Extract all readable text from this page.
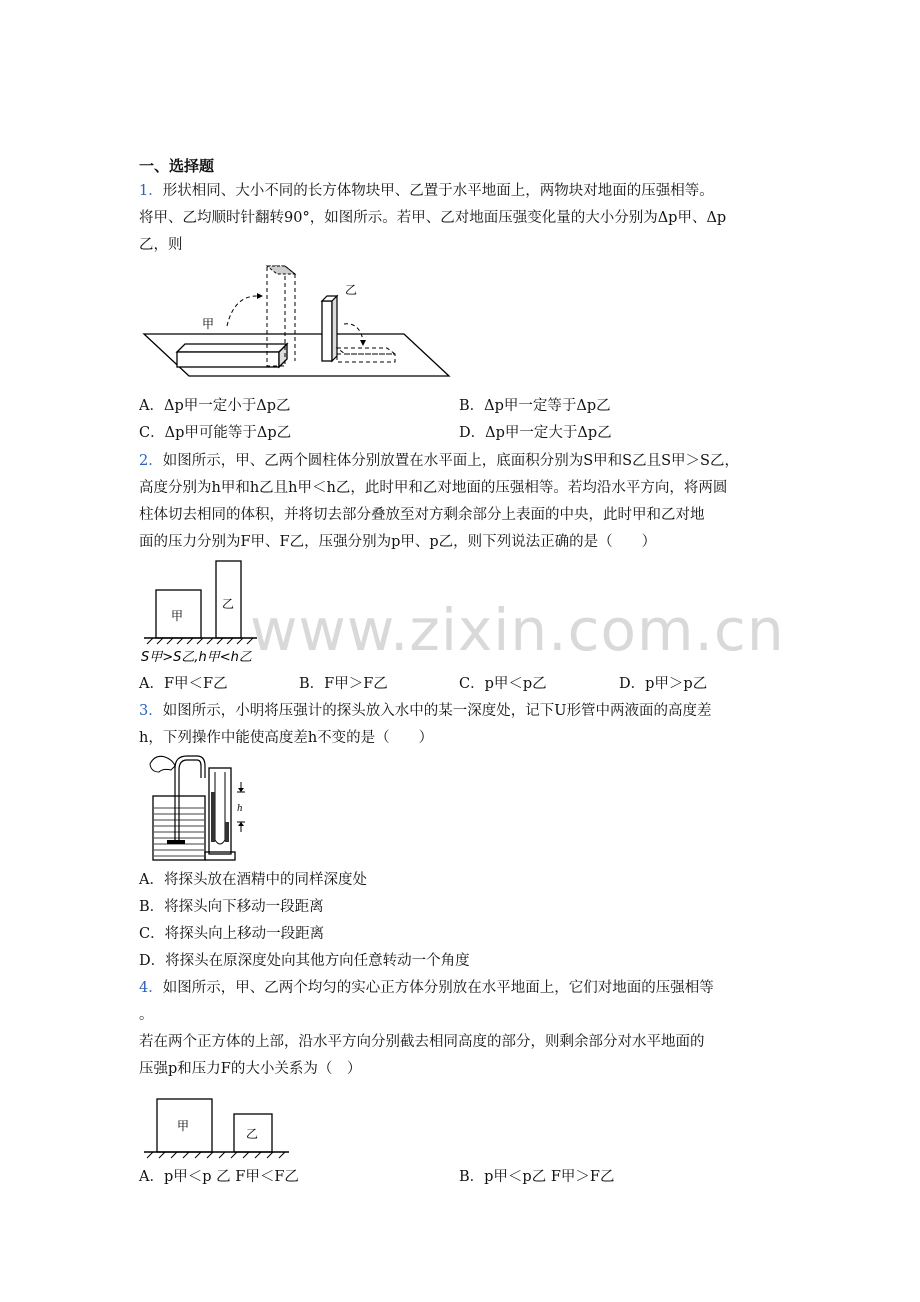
一、选择题
1．形状相同、大小不同的长方体物块甲、乙置于水平地面上，两物块对地面的压强相等。
将甲、乙均顺时针翻转90°，如图所示。若甲、乙对地面压强变化量的大小分别为Δp甲、Δp
乙，则
甲
乙
A．Δp甲一定小于Δp乙	B．Δp甲一定等于Δp乙
C．Δp甲可能等于Δp乙	D．Δp甲一定大于Δp乙
2．如图所示，甲、乙两个圆柱体分别放置在水平面上，底面积分别为S甲和S乙且S甲＞S乙，
高度分别为h甲和h乙且h甲＜h乙，此时甲和乙对地面的压强相等。若均沿水平方向，将两圆
柱体切去相同的体积，并将切去部分叠放至对方剩余部分上表面的中央，此时甲和乙对地
面的压力分别为F甲、F乙，压强分别为p甲、p乙，则下列说法正确的是（　　）
www.zixin.com.cn
甲
乙
S甲>S乙,h甲<h乙
A．F甲＜F乙	B．F甲＞F乙	C．p甲＜p乙	D．p甲＞p乙
3．如图所示，小明将压强计的探头放入水中的某一深度处，记下U形管中两液面的高度差
h，下列操作中能使高度差h不变的是（　　）
h
A．将探头放在酒精中的同样深度处
B．将探头向下移动一段距离
C．将探头向上移动一段距离
D．将探头在原深度处向其他方向任意转动一个角度
4．如图所示，甲、乙两个均匀的实心正方体分别放在水平地面上，它们对地面的压强相等
。
若在两个正方体的上部，沿水平方向分别截去相同高度的部分，则剩余部分对水平地面的
压强p和压力F的大小关系为（　）
甲
乙
A．p甲＜p 乙 F甲＜F乙	B．p甲＜p乙 F甲＞F乙
